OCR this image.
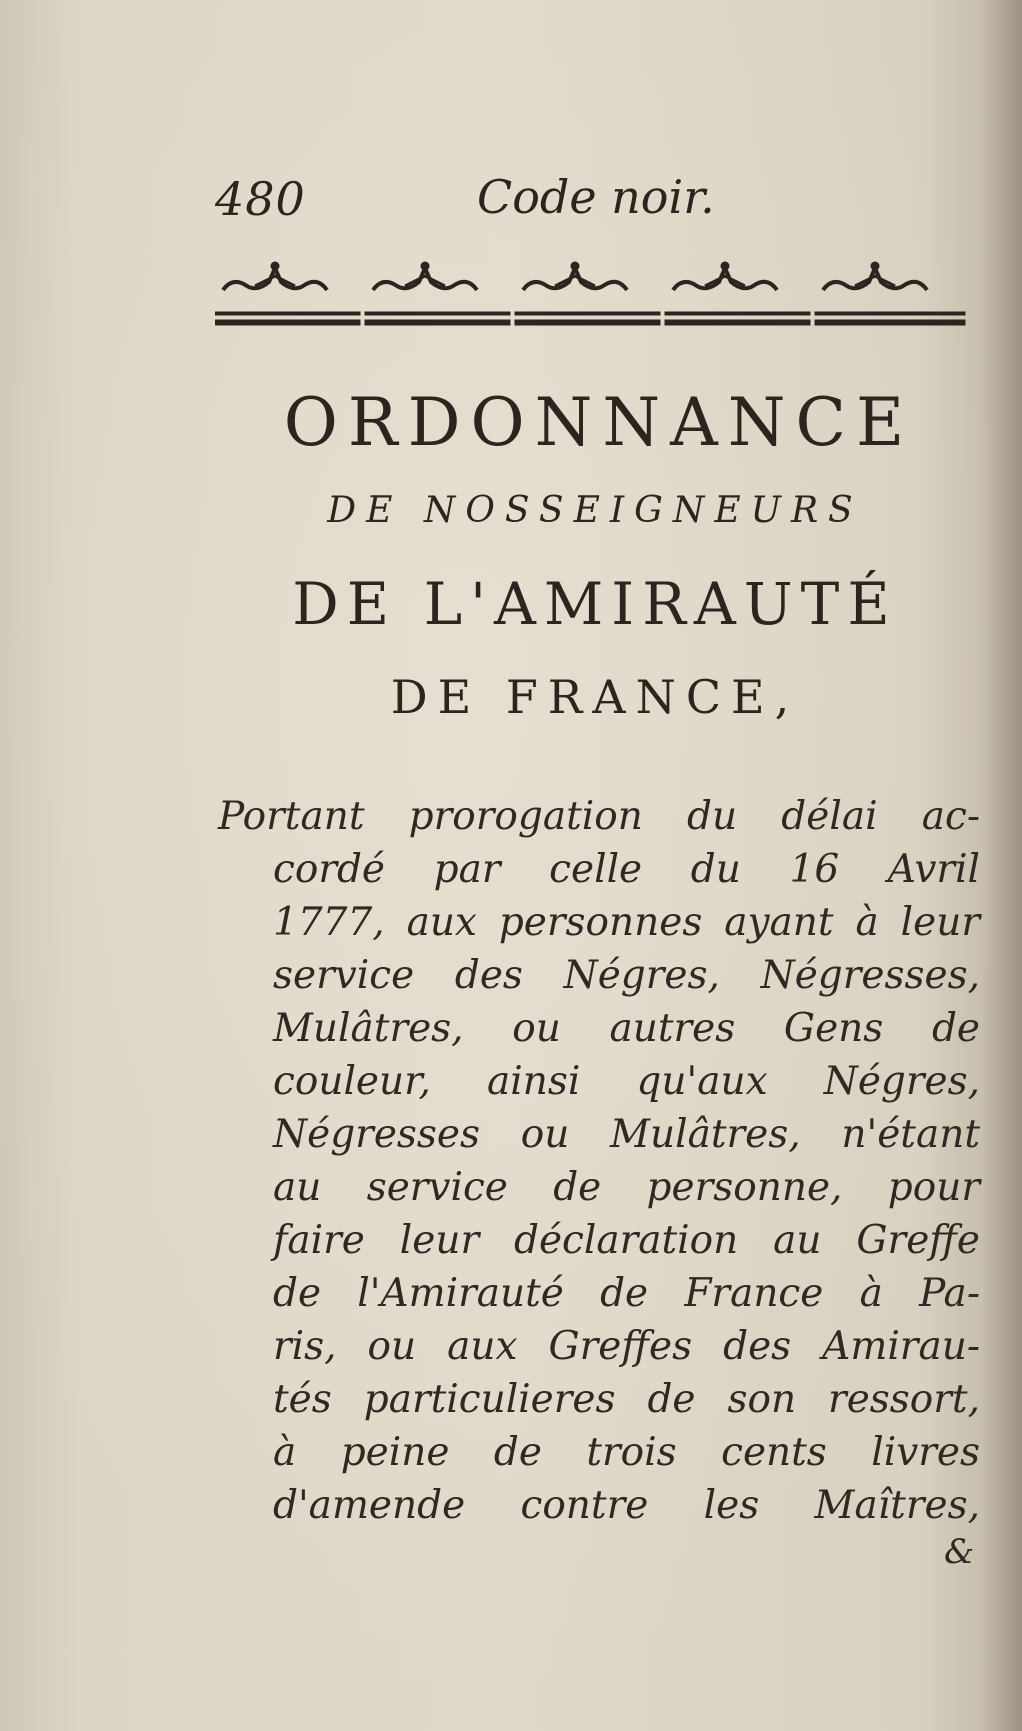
480	Code noir.
ORDONNANCE
DE NOSSEIGNEURS
DE L'AMIRAUTÉ
DE FRANCE,
Portant prorogation du délai ac-
cordé par celle du 16 Avril
1777, aux personnes ayant à leur
service des Négres, Négresses,
Mulâtres, ou autres Gens de
couleur, ainsi qu'aux Négres,
Négresses ou Mulâtres, n'étant
au service de personne, pour
faire leur déclaration au Greffe
de l'Amirauté de France à Pa-
ris, ou aux Greffes des Amirau-
tés particulieres de son ressort,
à peine de trois cents livres
d'amende contre les Maîtres,
&
